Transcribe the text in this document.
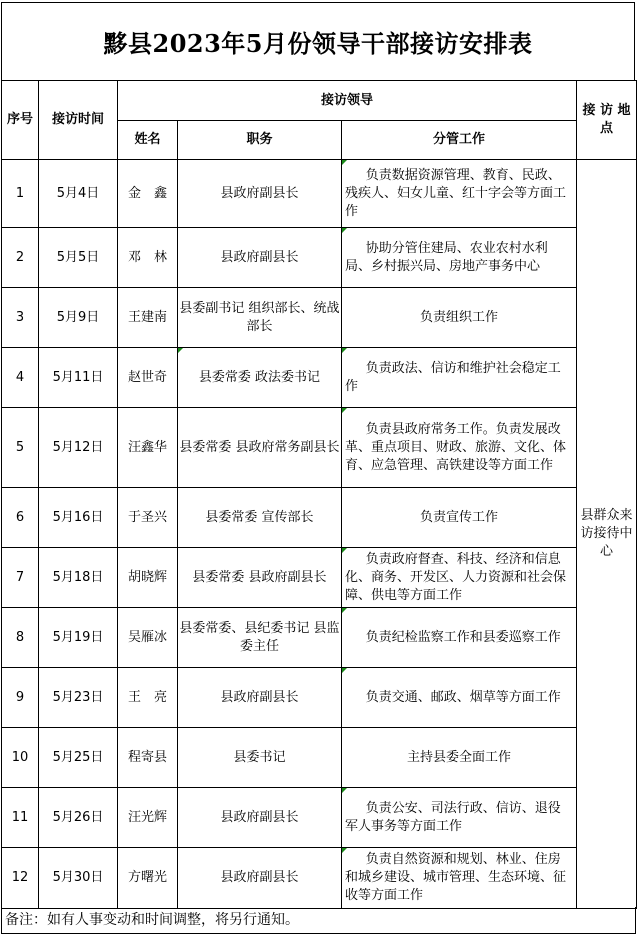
黟县2023年5月份领导干部接访安排表
序号	接访时间	接访领导			接 访 地 点
		姓名	职务	分管工作	
1	5月4日	金　鑫	县政府副县长	负责数据资源管理、教育、民政、残疾人、妇女儿童、红十字会等方面工作	县群众来访接待中心
2	5月5日	邓　林	县政府副县长	协助分管住建局、农业农村水利局、乡村振兴局、房地产事务中心	
3	5月9日	王建南	县委副书记 组织部长、统战部长	负责组织工作	
4	5月11日	赵世奇	县委常委 政法委书记	负责政法、信访和维护社会稳定工作	
5	5月12日	汪鑫华	县委常委 县政府常务副县长	负责县政府常务工作。负责发展改革、重点项目、财政、旅游、文化、体育、应急管理、高铁建设等方面工作	
6	5月16日	于圣兴	县委常委 宣传部长	负责宣传工作	
7	5月18日	胡晓辉	县委常委 县政府副县长	负责政府督查、科技、经济和信息化、商务、开发区、人力资源和社会保障、供电等方面工作	
8	5月19日	吴雁冰	县委常委、县纪委书记 县监委主任	负责纪检监察工作和县委巡察工作	
9	5月23日	王　亮	县政府副县长	负责交通、邮政、烟草等方面工作	
10	5月25日	程寄县	县委书记	主持县委全面工作	
11	5月26日	汪光辉	县政府副县长	负责公安、司法行政、信访、退役军人事务等方面工作	
12	5月30日	方曙光	县政府副县长	负责自然资源和规划、林业、住房和城乡建设、城市管理、生态环境、征收等方面工作	
备注：如有人事变动和时间调整，将另行通知。
